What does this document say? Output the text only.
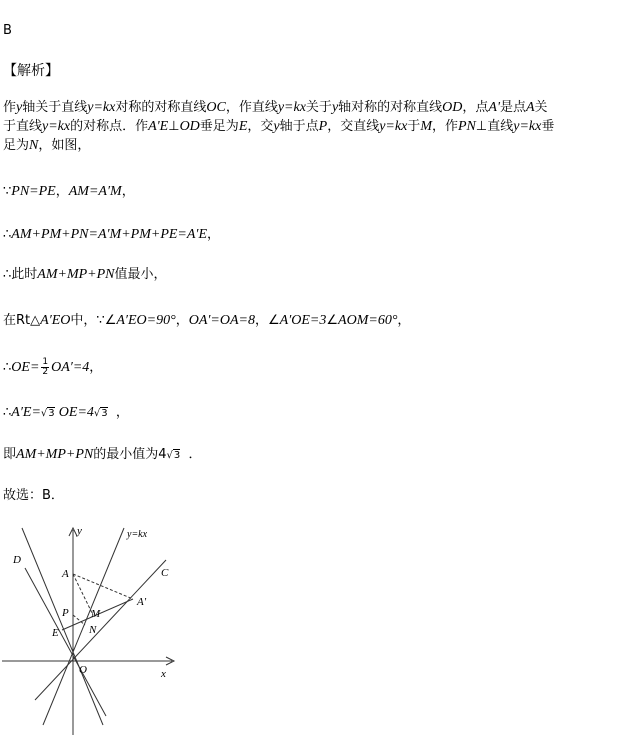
B
【解析】
作y轴关于直线y=kx对称的对称直线OC，作直线y=kx关于y轴对称的对称直线OD，点A'是点A关
于直线y=kx的对称点．作A'E⊥OD垂足为E，交y轴于点P，交直线y=kx于M，作PN⊥直线y=kx垂
足为N，如图，
∵PN=PE，AM=A′M，
∴AM+PM+PN=A′M+PM+PE=A′E，
∴此时AM+MP+PN值最小，
在Rt△A′EO中，∵∠A′EO=90°，OA′=OA=8，∠A′OE=3∠AOM=60°，
∴OE= $\frac{1}{2} OA'=4$，
∴A′E=√3 OE=4√3 ，
即AM+MP+PN的最小值为4√3 ．
故选：B．
D
C
y	y=kx
A
A'
P M
E	N
O	x
